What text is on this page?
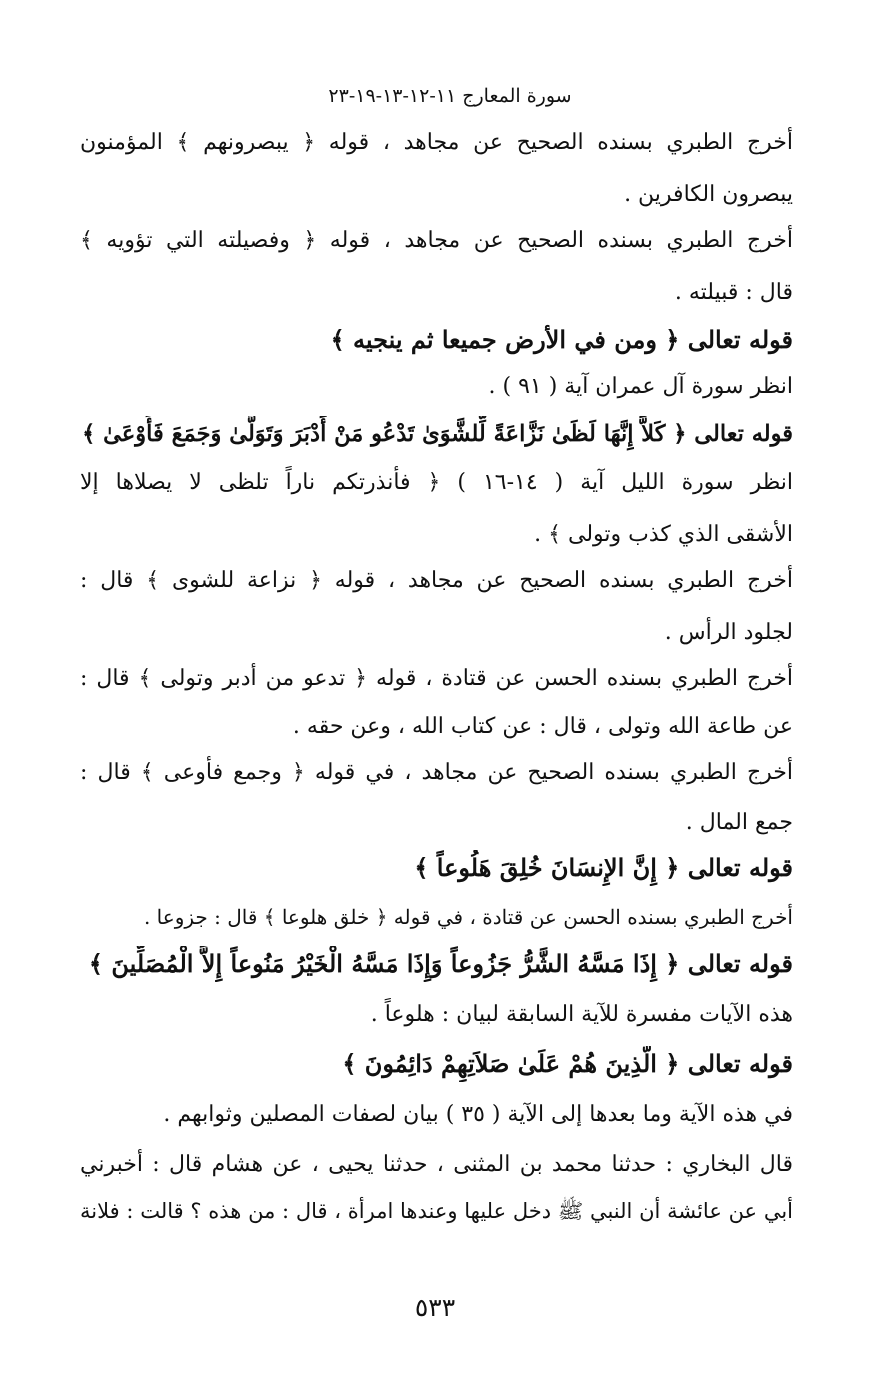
سورة المعارج ١١-١٢-١٣-١٩-٢٣
أخرج الطبري بسنده الصحيح عن مجاهد ، قوله ﴿ يبصرونهم ﴾ المؤمنون
يبصرون الكافرين .
أخرج الطبري بسنده الصحيح عن مجاهد ، قوله ﴿ وفصيلته التي تؤويه ﴾
قال : قبيلته .
قوله تعالى ﴿ ومن في الأرض جميعا ثم ينجيه ﴾
انظر سورة آل عمران آية ( ٩١ ) .
قوله تعالى ﴿ كَلاَّ إِنَّهَا لَظَىٰ نَزَّاعَةً لِّلشَّوَىٰ تَدْعُو مَنْ أَدْبَرَ وَتَوَلَّىٰ وَجَمَعَ فَأَوْعَىٰ ﴾
انظر سورة الليل آية ( ١٤-١٦ ) ﴿ فأنذرتكم ناراً تلظى لا يصلاها إلا
الأشقى الذي كذب وتولى ﴾ .
أخرج الطبري بسنده الصحيح عن مجاهد ، قوله ﴿ نزاعة للشوى ﴾ قال :
لجلود الرأس .
أخرج الطبري بسنده الحسن عن قتادة ، قوله ﴿ تدعو من أدبر وتولى ﴾ قال :
عن طاعة الله وتولى ، قال : عن كتاب الله ، وعن حقه .
أخرج الطبري بسنده الصحيح عن مجاهد ، في قوله ﴿ وجمع فأوعى ﴾ قال :
جمع المال .
قوله تعالى ﴿ إِنَّ الإِنسَانَ خُلِقَ هَلُوعاً ﴾
أخرج الطبري بسنده الحسن عن قتادة ، في قوله ﴿ خلق هلوعا ﴾ قال : جزوعا .
قوله تعالى ﴿ إِذَا مَسَّهُ الشَّرُّ جَزُوعاً وَإِذَا مَسَّهُ الْخَيْرُ مَنُوعاً إِلاَّ الْمُصَلِّينَ ﴾
هذه الآيات مفسرة للآية السابقة لبيان : هلوعاً .
قوله تعالى ﴿ الَّذِينَ هُمْ عَلَىٰ صَلاَتِهِمْ دَائِمُونَ ﴾
في هذه الآية وما بعدها إلى الآية ( ٣٥ ) بيان لصفات المصلين وثوابهم .
قال البخاري : حدثنا محمد بن المثنى ، حدثنا يحيى ، عن هشام قال : أخبرني
أبي عن عائشة أن النبي ﷺ دخل عليها وعندها امرأة ، قال : من هذه ؟ قالت : فلانة
٥٣٣
